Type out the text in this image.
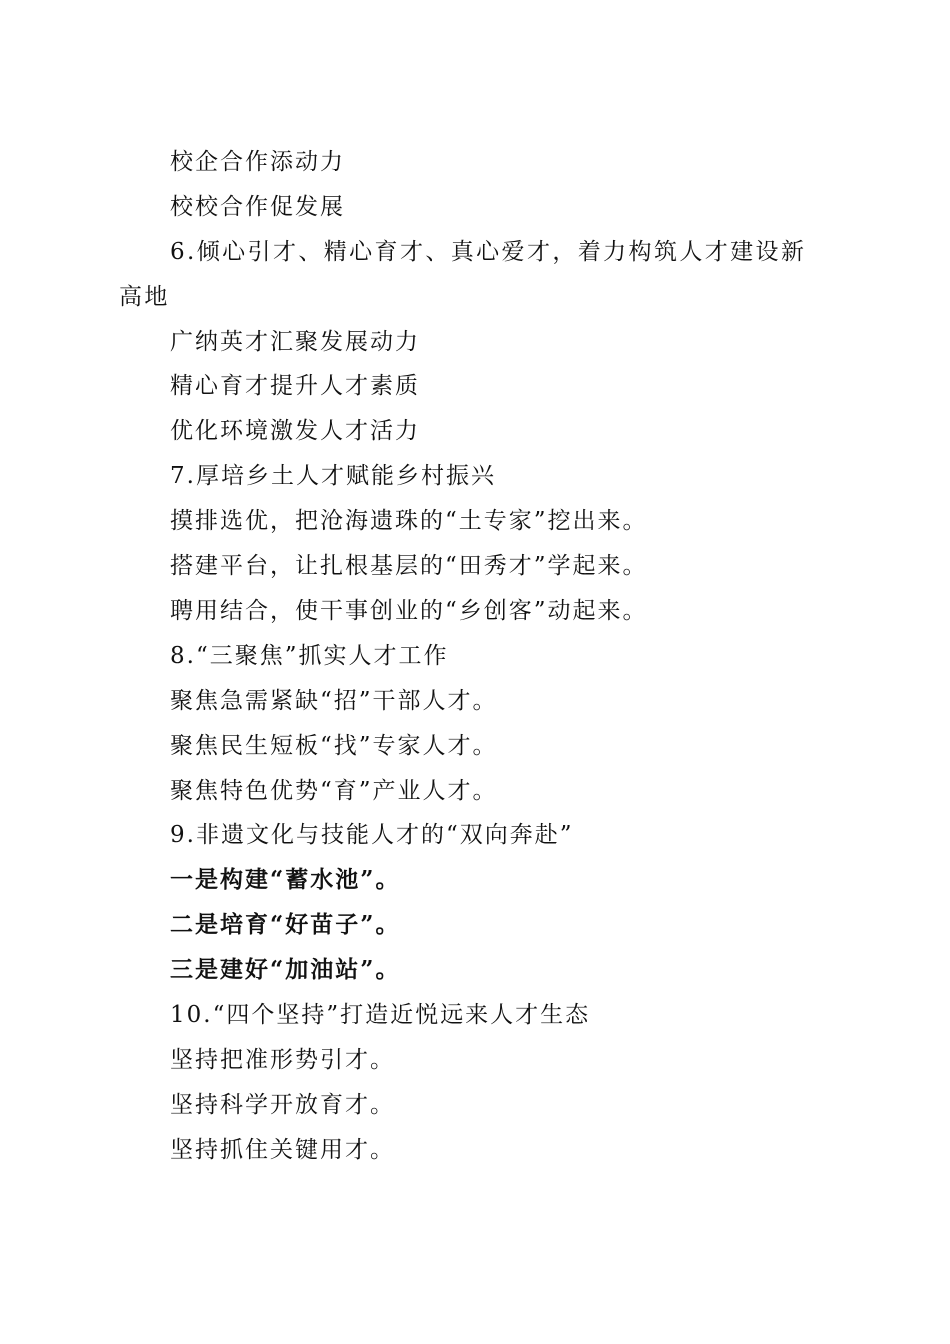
校企合作添动力
校校合作促发展
6.倾心引才、精心育才、真心爱才，着力构筑人才建设新高地
广纳英才汇聚发展动力
精心育才提升人才素质
优化环境激发人才活力
7.厚培乡土人才赋能乡村振兴
摸排选优，把沧海遗珠的“土专家”挖出来。
搭建平台，让扎根基层的“田秀才”学起来。
聘用结合，使干事创业的“乡创客”动起来。
8.“三聚焦”抓实人才工作
聚焦急需紧缺“招”干部人才。
聚焦民生短板“找”专家人才。
聚焦特色优势“育”产业人才。
9.非遗文化与技能人才的“双向奔赴”
一是构建“蓄水池”。
二是培育“好苗子”。
三是建好“加油站”。
10.“四个坚持”打造近悦远来人才生态
坚持把准形势引才。
坚持科学开放育才。
坚持抓住关键用才。
